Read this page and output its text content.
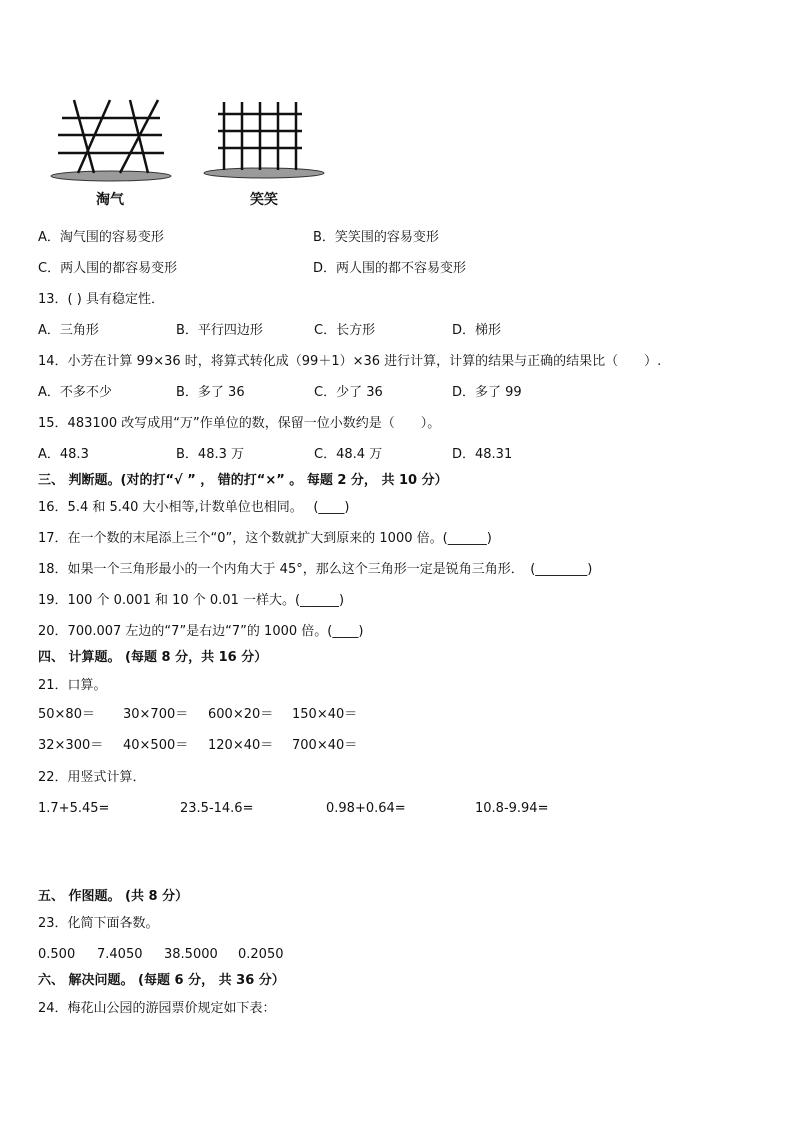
淘气	笑笑
A．淘气围的容易变形	B．笑笑围的容易变形
C．两人围的都容易变形	D．两人围的都不容易变形
13．( ) 具有稳定性．
A．三角形	B．平行四边形	C．长方形	D．梯形
14．小芳在计算 99×36 时，将算式转化成（99＋1）×36 进行计算，计算的结果与正确的结果比（　　）.
A．不多不少	B．多了 36	C．少了 36	D．多了 99
15．483100 改写成用“万”作单位的数，保留一位小数约是（　　）。
A．48.3	B．48.3 万	C．48.4 万	D．48.31
三、 判断题。(对的打“√ ” ， 错的打“×” 。 每题 2 分， 共 10 分）
16．5.4 和 5.40 大小相等,计数单位也相同。　 (____)
17．在一个数的末尾添上三个“0”，这个数就扩大到原来的 1000 倍。(______)
18．如果一个三角形最小的一个内角大于 45°，那么这个三角形一定是锐角三角形．　(________)
19．100 个 0.001 和 10 个 0.01 一样大。(______)
20．700.007 左边的“7”是右边“7”的 1000 倍。(____)
四、 计算题。 (每题 8 分，共 16 分）
21．口算。
50×80＝ 30×700＝ 600×20＝ 150×40＝
32×300＝ 40×500＝ 120×40＝ 700×40＝
22．用竖式计算．
1.7+5.45=	23.5-14.6=	0.98+0.64=	10.8-9.94=
五、 作图题。 (共 8 分）
23．化简下面各数。
0.500 7.4050 38.5000 0.2050
六、 解决问题。 (每题 6 分， 共 36 分）
24．梅花山公园的游园票价规定如下表：
